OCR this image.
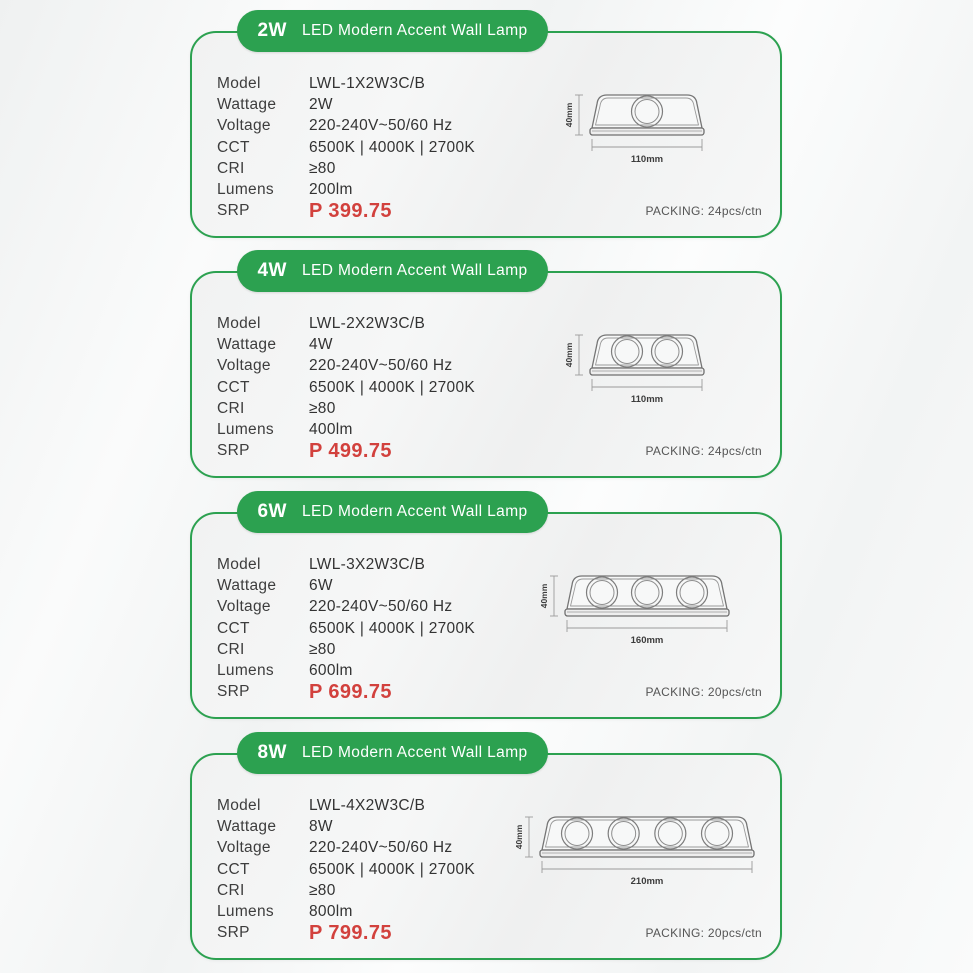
2W LED Modern Accent Wall Lamp
Model	LWL-1X2W3C/B
Wattage	2W
Voltage	220-240V~50/60 Hz
CCT	6500K | 4000K | 2700K
CRI	≥80
Lumens	200lm
SRP	P 399.75
40mm
110mm
PACKING: 24pcs/ctn
4W LED Modern Accent Wall Lamp
Model	LWL-2X2W3C/B
Wattage	4W
Voltage	220-240V~50/60 Hz
CCT	6500K | 4000K | 2700K
CRI	≥80
Lumens	400lm
SRP	P 499.75
40mm
110mm
PACKING: 24pcs/ctn
6W LED Modern Accent Wall Lamp
Model	LWL-3X2W3C/B
Wattage	6W
Voltage	220-240V~50/60 Hz
CCT	6500K | 4000K | 2700K
CRI	≥80
Lumens	600lm
SRP	P 699.75
40mm
160mm
PACKING: 20pcs/ctn
8W LED Modern Accent Wall Lamp
Model	LWL-4X2W3C/B
Wattage	8W
Voltage	220-240V~50/60 Hz
CCT	6500K | 4000K | 2700K
CRI	≥80
Lumens	800lm
SRP	P 799.75
40mm
210mm
PACKING: 20pcs/ctn
